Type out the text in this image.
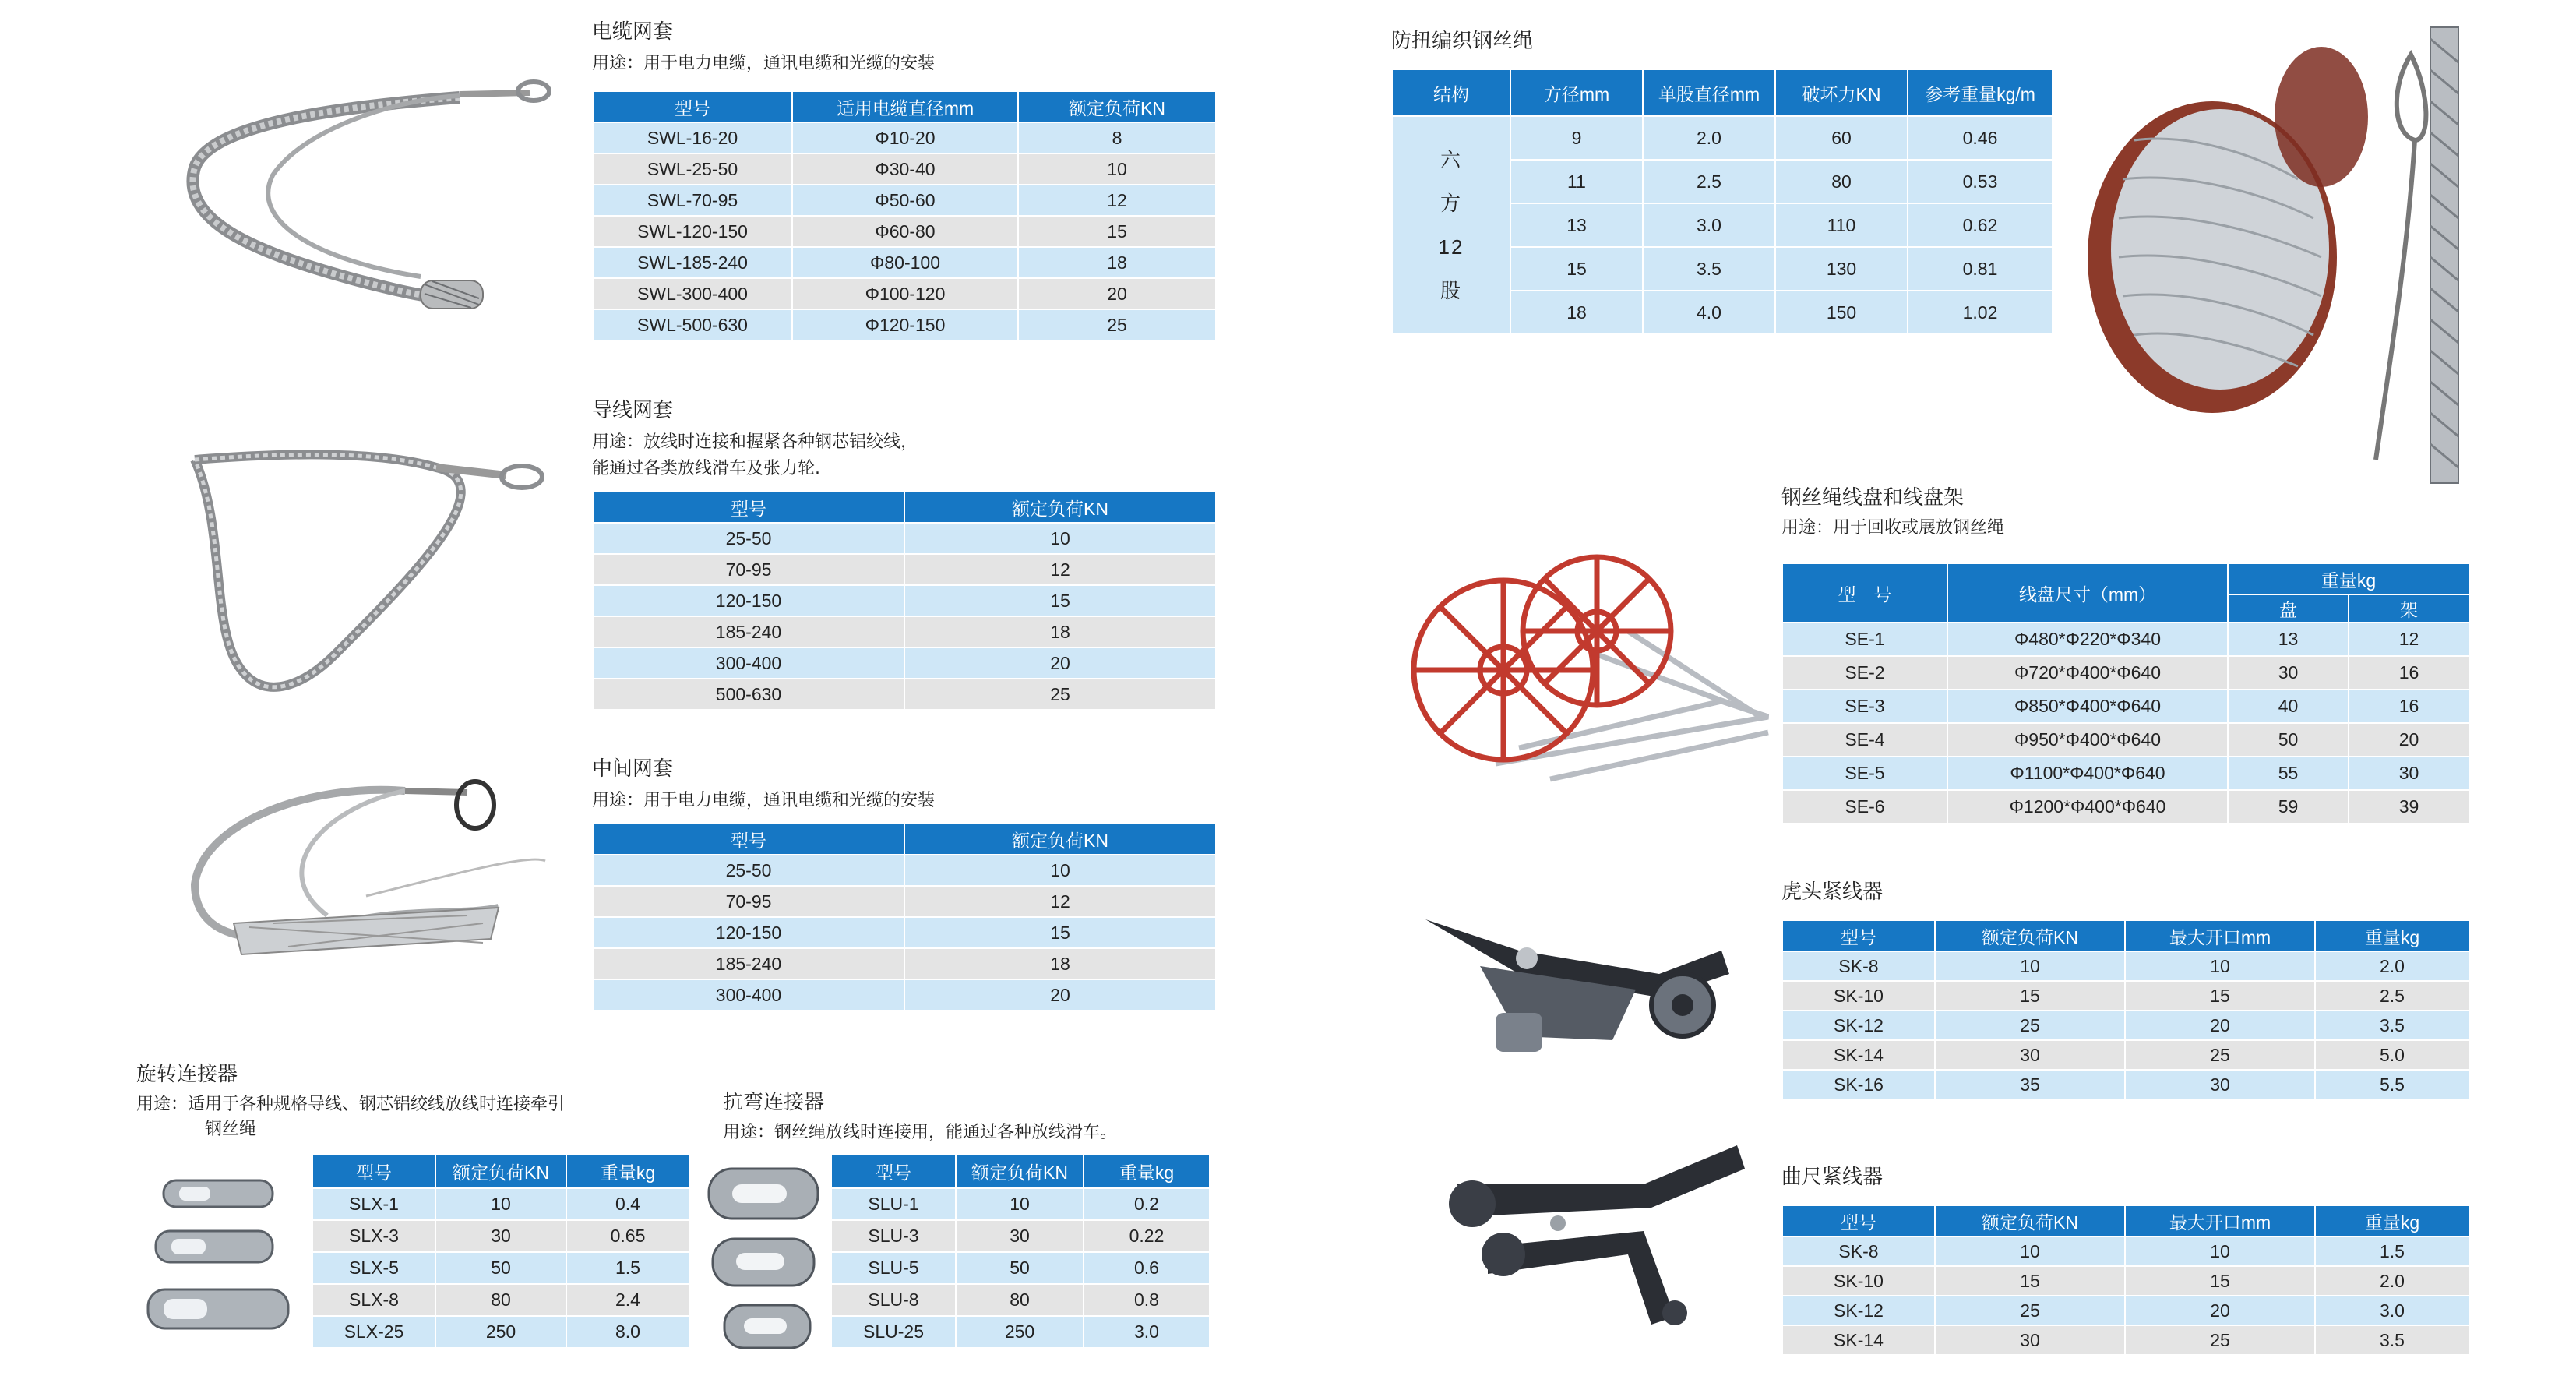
电缆网套
用途：用于电力电缆，通讯电缆和光缆的安装
型号	适用电缆直径mm	额定负荷KN
SWL-16-20	Φ10-20	8
SWL-25-50	Φ30-40	10
SWL-70-95	Φ50-60	12
SWL-120-150	Φ60-80	15
SWL-185-240	Φ80-100	18
SWL-300-400	Φ100-120	20
SWL-500-630	Φ120-150	25
导线网套
用途：放线时连接和握紧各种钢芯铝绞线，
能通过各类放线滑车及张力轮.
型号	额定负荷KN
25-50	10
70-95	12
120-150	15
185-240	18
300-400	20
500-630	25
中间网套
用途：用于电力电缆，通讯电缆和光缆的安装
型号	额定负荷KN
25-50	10
70-95	12
120-150	15
185-240	18
300-400	20
旋转连接器
用途：适用于各种规格导线、钢芯铝绞线放线时连接牵引
钢丝绳
型号	额定负荷KN	重量kg
SLX-1	10	0.4
SLX-3	30	0.65
SLX-5	50	1.5
SLX-8	80	2.4
SLX-25	250	8.0
抗弯连接器
用途：钢丝绳放线时连接用，能通过各种放线滑车。
型号	额定负荷KN	重量kg
SLU-1	10	0.2
SLU-3	30	0.22
SLU-5	50	0.6
SLU-8	80	0.8
SLU-25	250	3.0
防扭编织钢丝绳
结构	方径mm	单股直径mm	破坏力KN	参考重量kg/m
六
方
12
股	9	2.0	60	0.46
	11	2.5	80	0.53
	13	3.0	110	0.62
	15	3.5	130	0.81
	18	4.0	150	1.02
钢丝绳线盘和线盘架
用途：用于回收或展放钢丝绳
型　号	线盘尺寸（mm）	重量kg	
		盘	架
SE-1	Φ480*Φ220*Φ340	13	12
SE-2	Φ720*Φ400*Φ640	30	16
SE-3	Φ850*Φ400*Φ640	40	16
SE-4	Φ950*Φ400*Φ640	50	20
SE-5	Φ1100*Φ400*Φ640	55	30
SE-6	Φ1200*Φ400*Φ640	59	39
虎头紧线器
型号	额定负荷KN	最大开口mm	重量kg
SK-8	10	10	2.0
SK-10	15	15	2.5
SK-12	25	20	3.5
SK-14	30	25	5.0
SK-16	35	30	5.5
曲尺紧线器
型号	额定负荷KN	最大开口mm	重量kg
SK-8	10	10	1.5
SK-10	15	15	2.0
SK-12	25	20	3.0
SK-14	30	25	3.5
